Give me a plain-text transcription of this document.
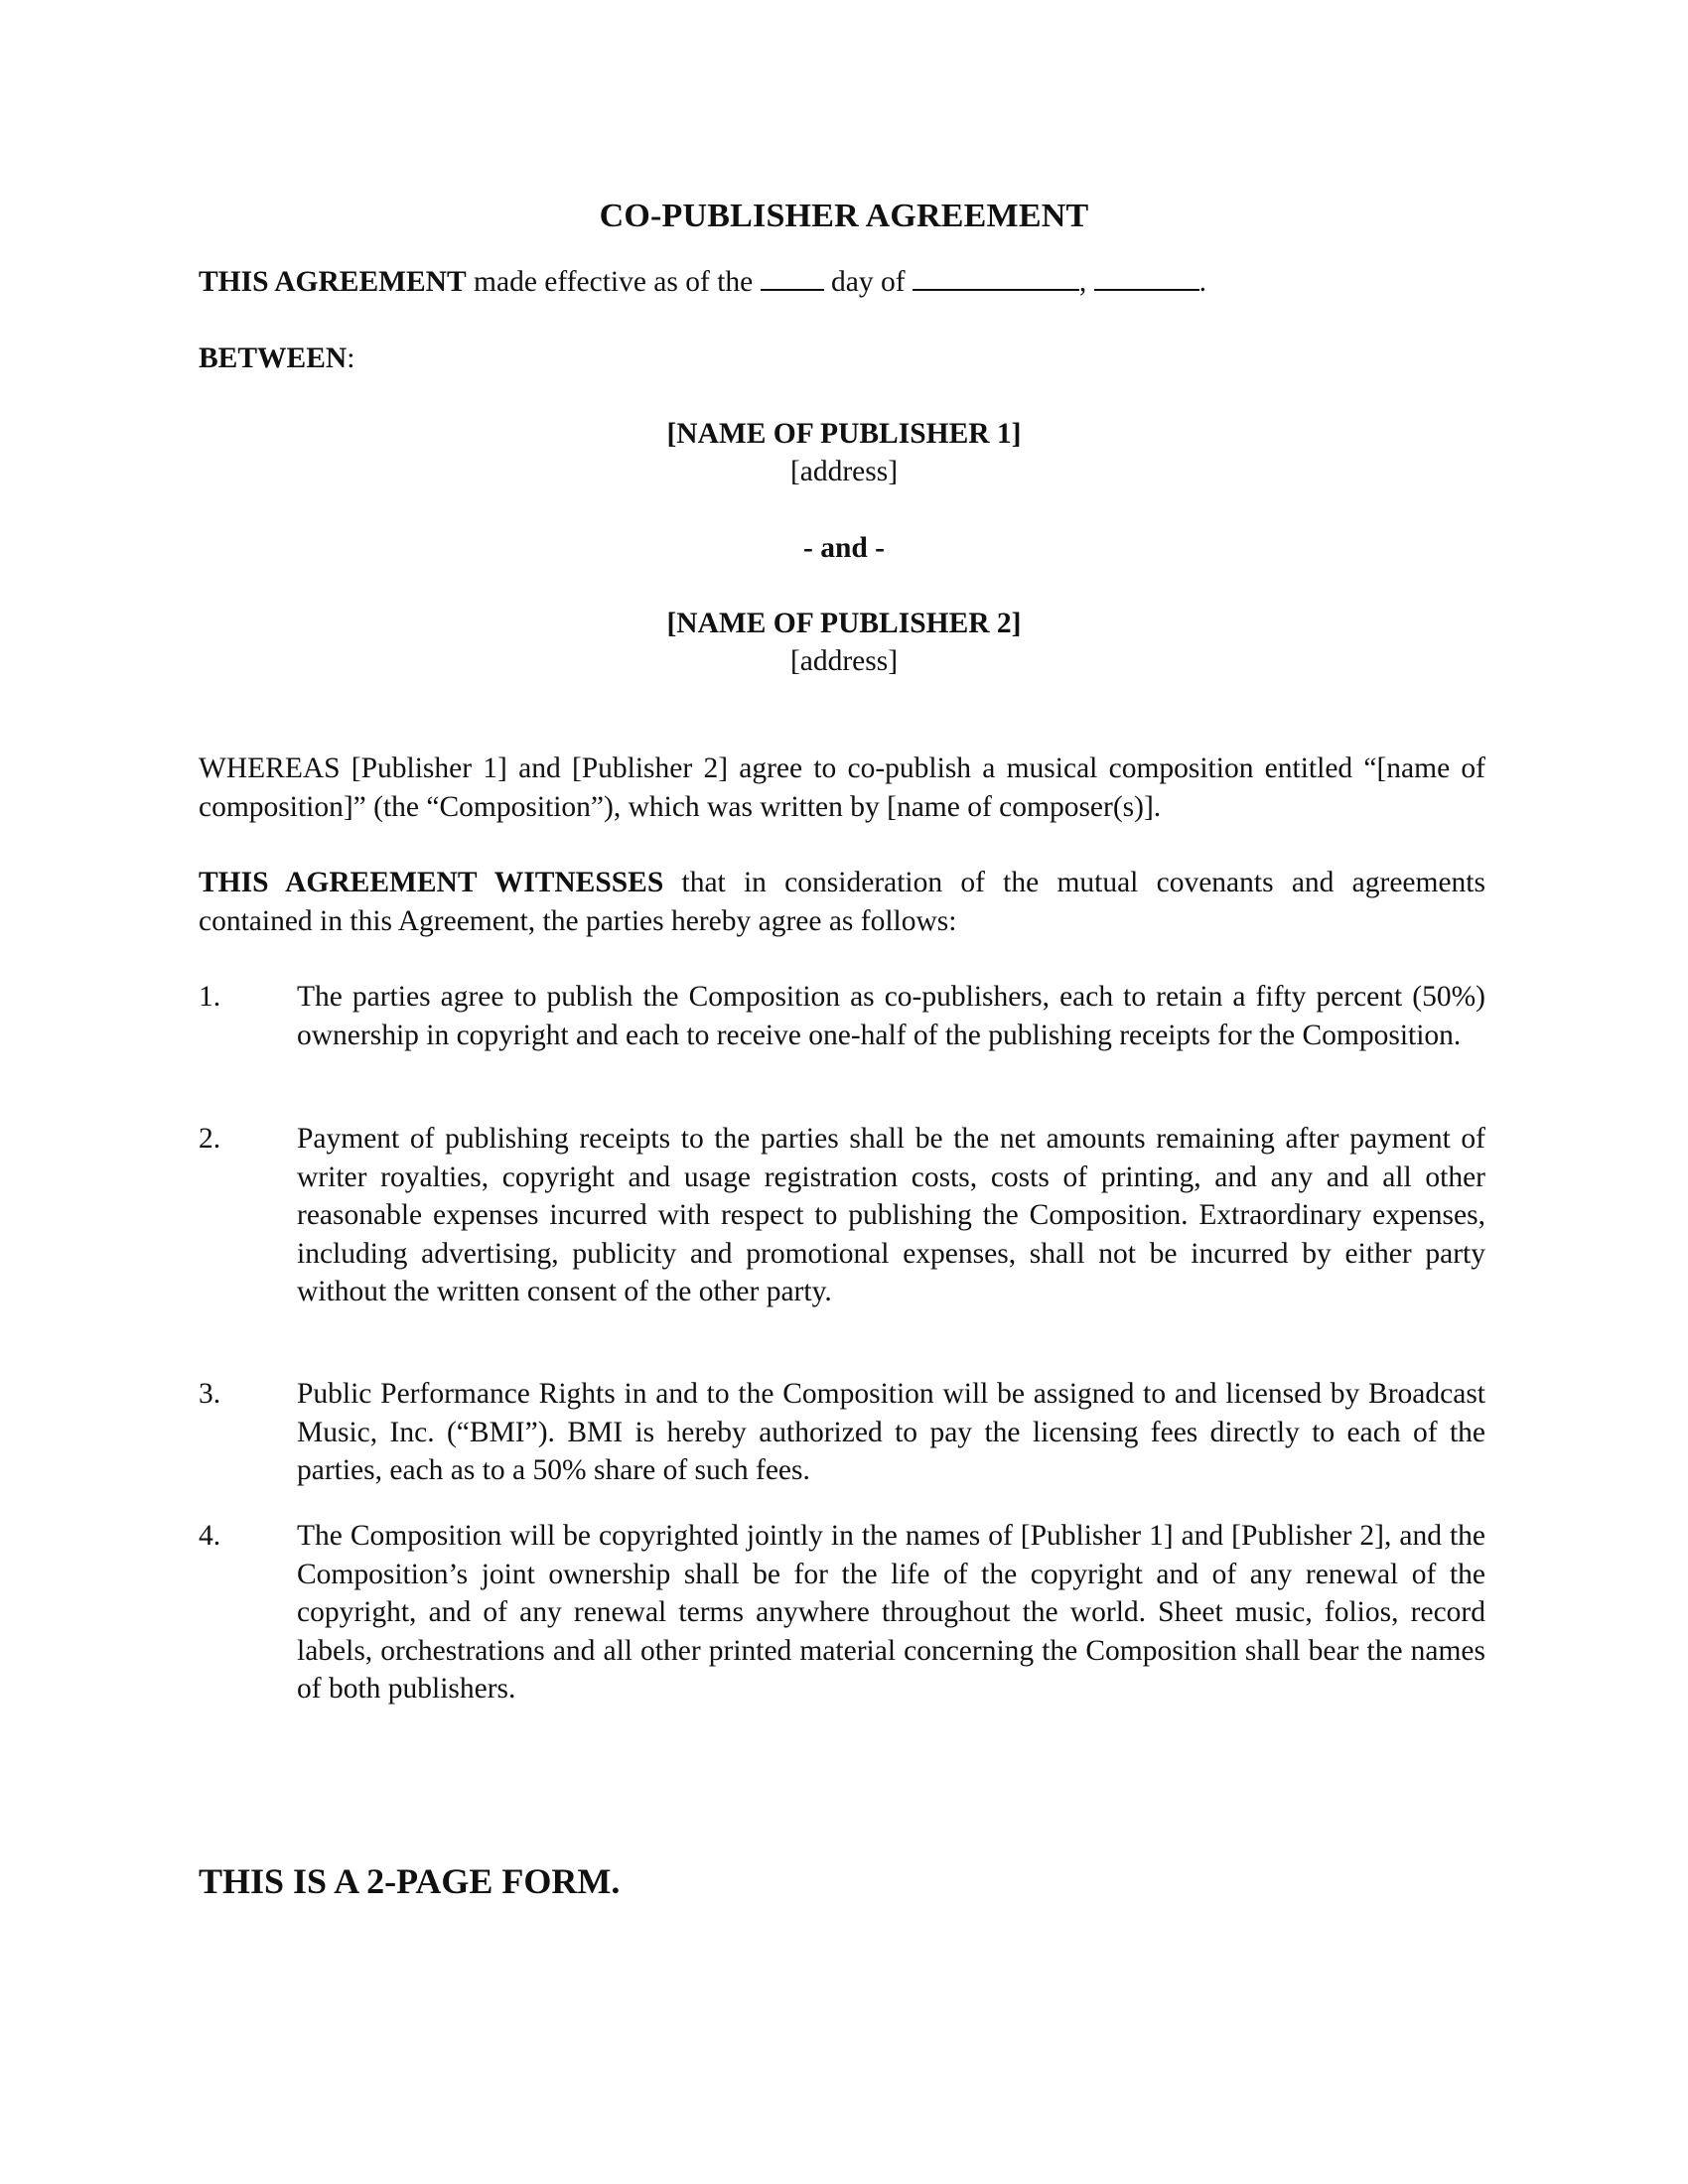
CO-PUBLISHER AGREEMENT
THIS AGREEMENT made effective as of the  day of	,	.
BETWEEN:
[NAME OF PUBLISHER 1]
[address]
- and -
[NAME OF PUBLISHER 2]
[address]
WHEREAS [Publisher 1] and [Publisher 2] agree to co-publish a musical composition entitled “[name of composition]” (the “Composition”), which was written by [name of composer(s)].
THIS AGREEMENT WITNESSES that in consideration of the mutual covenants and agreements contained in this Agreement, the parties hereby agree as follows:
1.	The parties agree to publish the Composition as co-publishers, each to retain a fifty percent (50%) ownership in copyright and each to receive one-half of the publishing receipts for the Composition.
2.	Payment of publishing receipts to the parties shall be the net amounts remaining after payment of writer royalties, copyright and usage registration costs, costs of printing, and any and all other reasonable expenses incurred with respect to publishing the Composition. Extraordinary expenses, including advertising, publicity and promotional expenses, shall not be incurred by either party without the written consent of the other party.
3.	Public Performance Rights in and to the Composition will be assigned to and licensed by Broadcast Music, Inc. (“BMI”). BMI is hereby authorized to pay the licensing fees directly to each of the parties, each as to a 50% share of such fees.
4.	The Composition will be copyrighted jointly in the names of [Publisher 1] and [Publisher 2], and the Composition’s joint ownership shall be for the life of the copyright and of any renewal of the copyright, and of any renewal terms anywhere throughout the world. Sheet music, folios, record labels, orchestrations and all other printed material concerning the Composition shall bear the names of both publishers.
THIS IS A 2-PAGE FORM.
